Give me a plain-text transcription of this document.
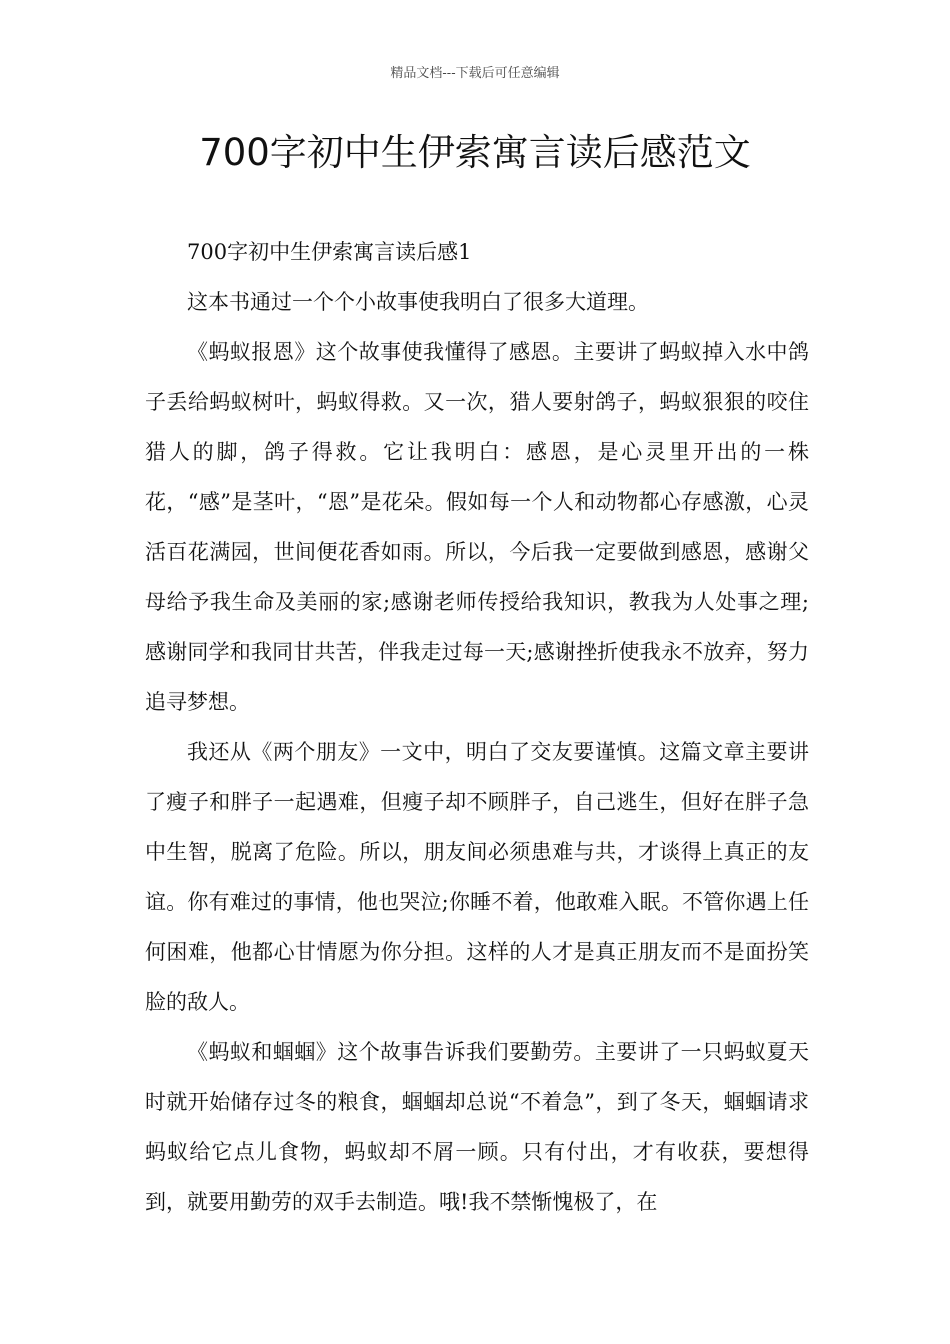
精品文档---下载后可任意编辑
700字初中生伊索寓言读后感范文

700字初中生伊索寓言读后感1

这本书通过一个个小故事使我明白了很多大道理。

《蚂蚁报恩》这个故事使我懂得了感恩。主要讲了蚂蚁掉入水中鸽子丢给蚂蚁树叶，蚂蚁得救。又一次，猎人要射鸽子，蚂蚁狠狠的咬住猎人的脚，鸽子得救。它让我明白：感恩，是心灵里开出的一株花，“感”是茎叶，“恩”是花朵。假如每一个人和动物都心存感激，心灵活百花满园，世间便花香如雨。所以，今后我一定要做到感恩，感谢父母给予我生命及美丽的家;感谢老师传授给我知识，教我为人处事之理;感谢同学和我同甘共苦，伴我走过每一天;感谢挫折使我永不放弃，努力追寻梦想。

我还从《两个朋友》一文中，明白了交友要谨慎。这篇文章主要讲了瘦子和胖子一起遇难，但瘦子却不顾胖子，自己逃生，但好在胖子急中生智，脱离了危险。所以，朋友间必须患难与共，才谈得上真正的友谊。你有难过的事情，他也哭泣;你睡不着，他敢难入眠。不管你遇上任何困难，他都心甘情愿为你分担。这样的人才是真正朋友而不是面扮笑脸的敌人。

《蚂蚁和蝈蝈》这个故事告诉我们要勤劳。主要讲了一只蚂蚁夏天时就开始储存过冬的粮食，蝈蝈却总说“不着急”，到了冬天，蝈蝈请求蚂蚁给它点儿食物，蚂蚁却不屑一顾。只有付出，才有收获，要想得到，就要用勤劳的双手去制造。哦!我不禁惭愧极了，在
